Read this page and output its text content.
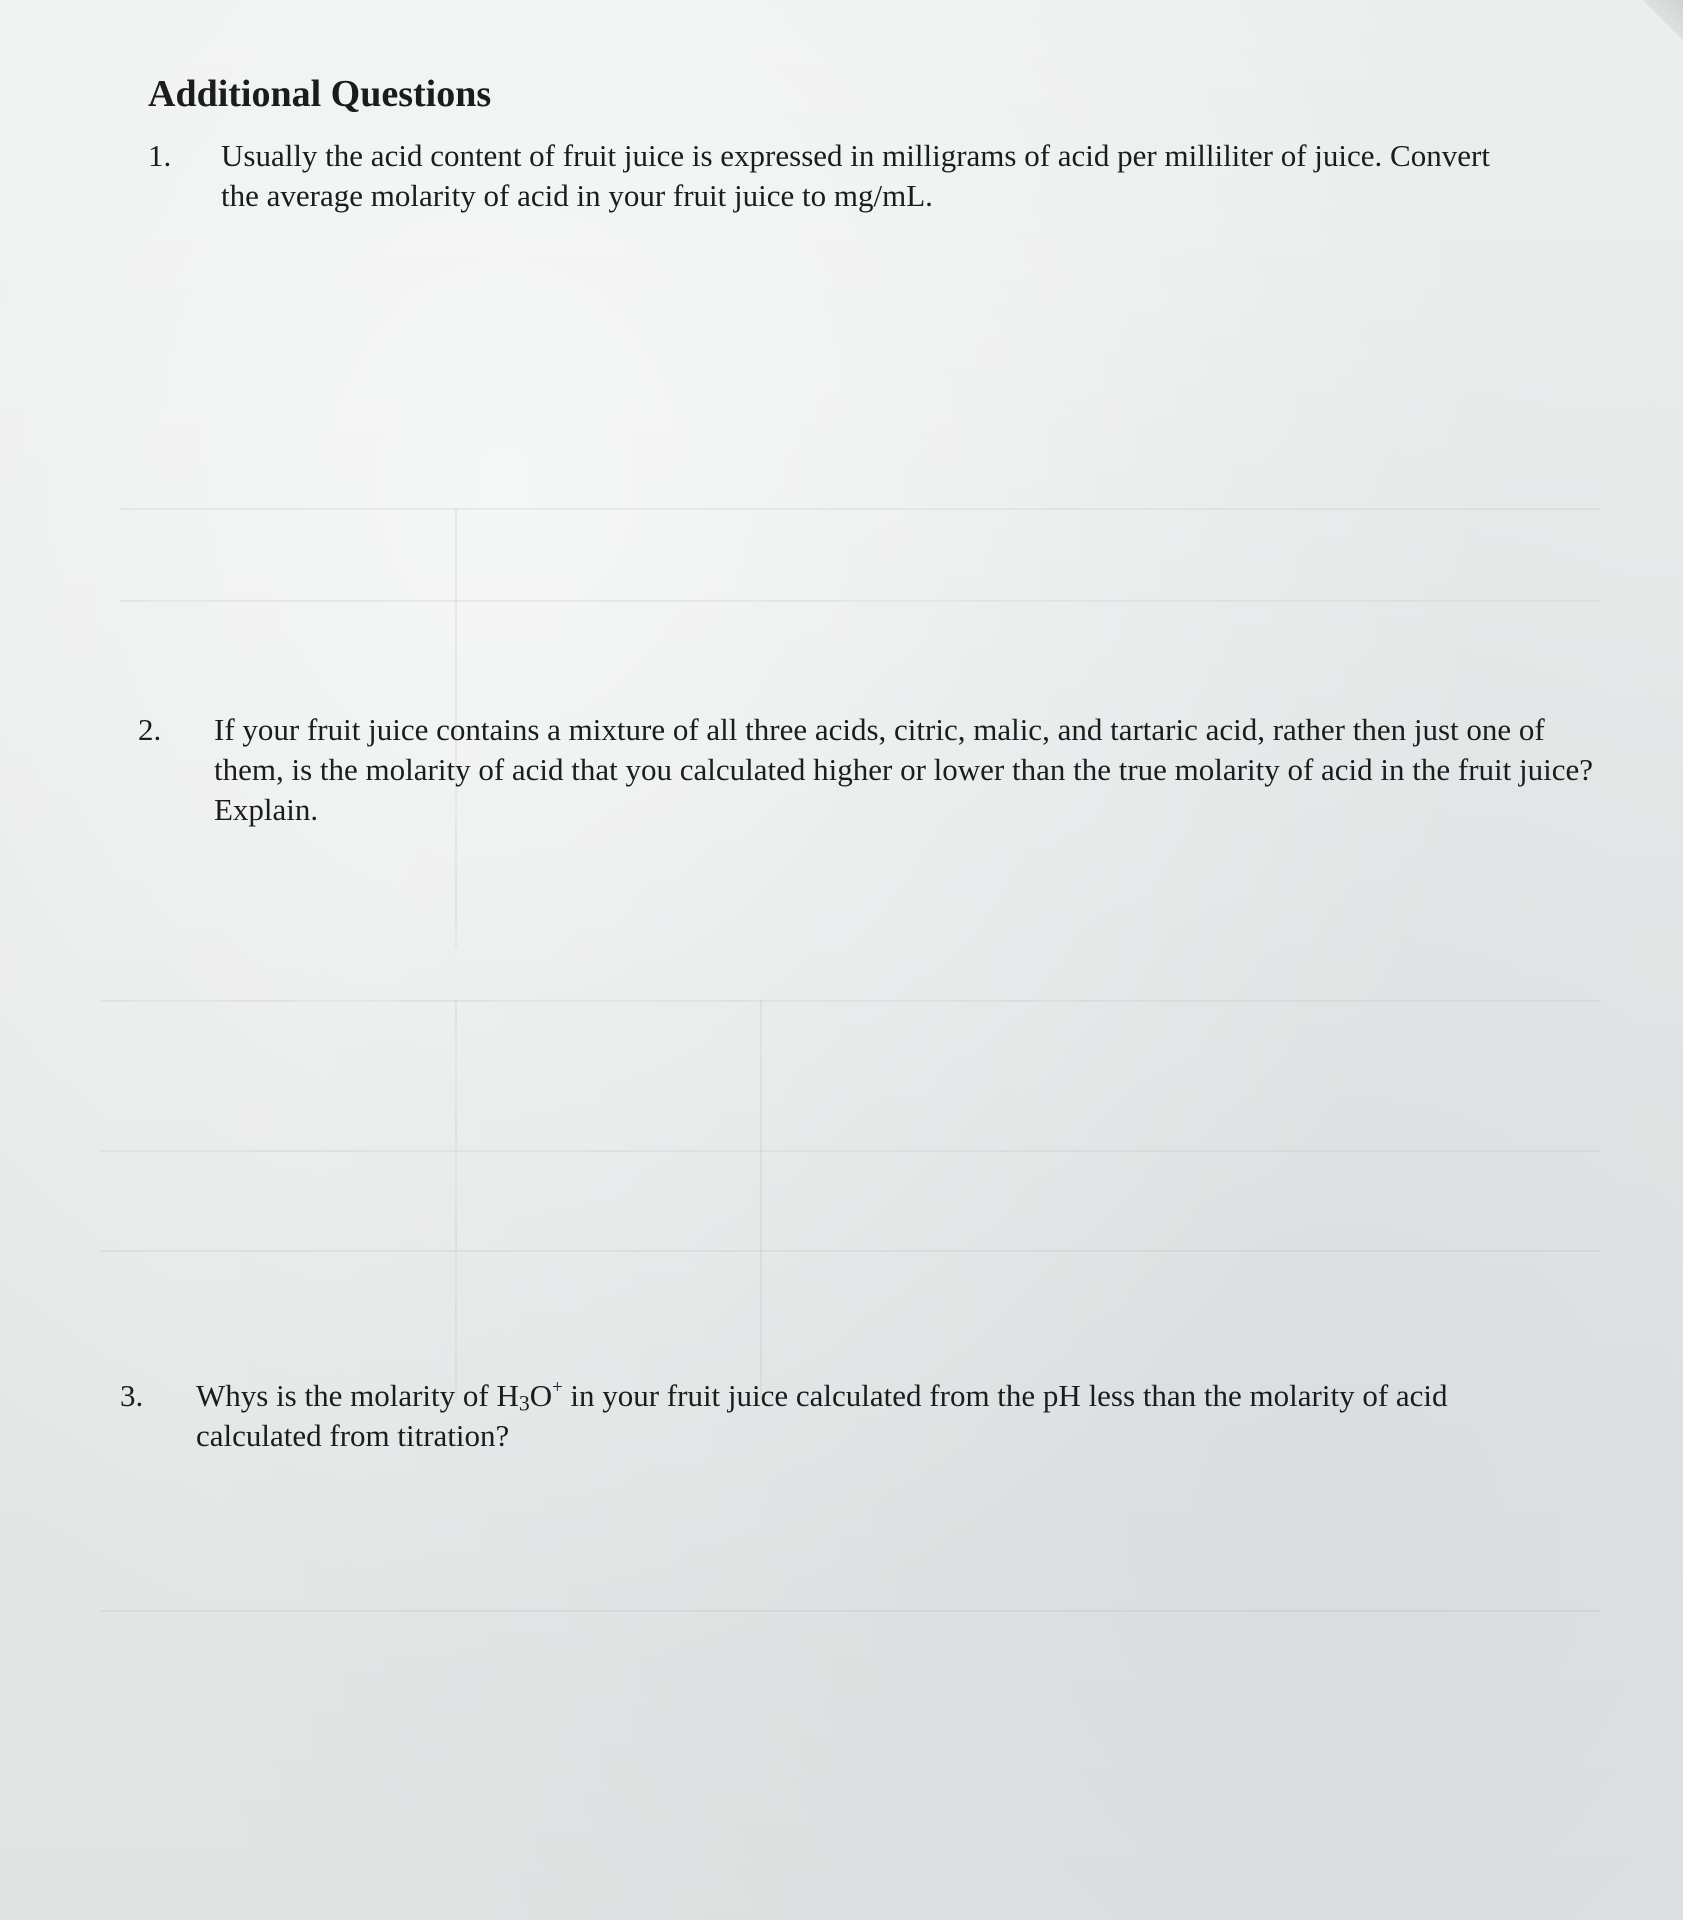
Additional Questions
1. Usually the acid content of fruit juice is expressed in milligrams of acid per milliliter of juice. Convert the average molarity of acid in your fruit juice to mg/mL.
2. If your fruit juice contains a mixture of all three acids, citric, malic, and tartaric acid, rather then just one of them, is the molarity of acid that you calculated higher or lower than the true molarity of acid in the fruit juice? Explain.
3. Whys is the molarity of $H_3O^+$ in your fruit juice calculated from the pH less than the molarity of acid calculated from titration?
